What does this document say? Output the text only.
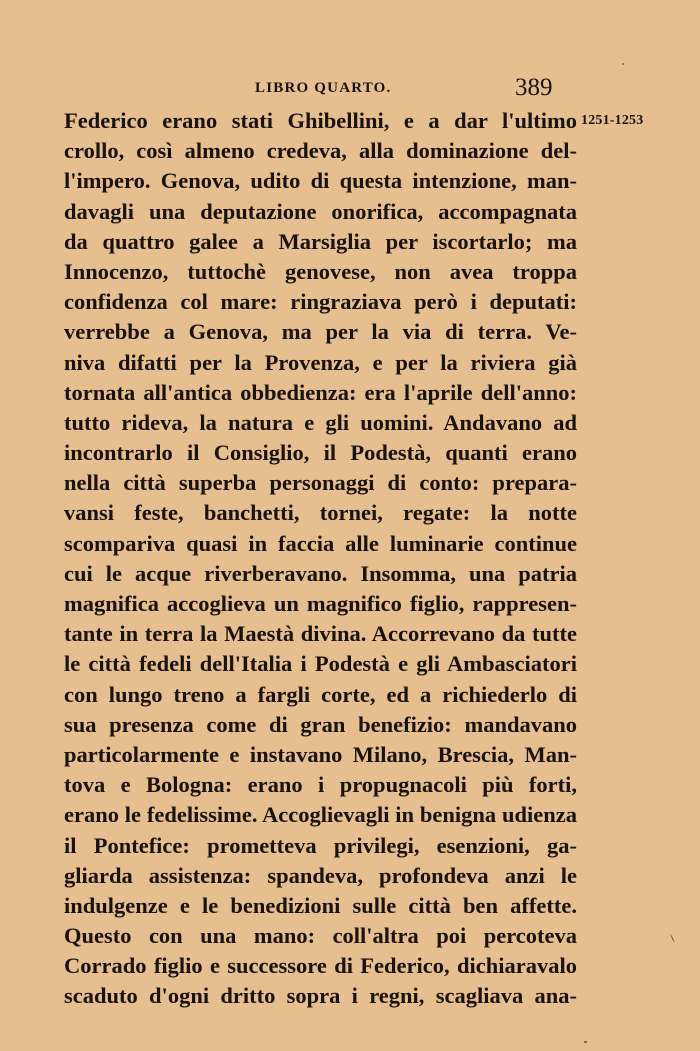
LIBRO QUARTO.	389
1251-1253
Federico erano stati Ghibellini, e a dar l'ultimo
crollo, così almeno credeva, alla dominazione del-
l'impero. Genova, udito di questa intenzione, man-
davagli una deputazione onorifica, accompagnata
da quattro galee a Marsiglia per iscortarlo; ma
Innocenzo, tuttochè genovese, non avea troppa
confidenza col mare: ringraziava però i deputati:
verrebbe a Genova, ma per la via di terra. Ve-
niva difatti per la Provenza, e per la riviera già
tornata all'antica obbedienza: era l'aprile dell'anno:
tutto rideva, la natura e gli uomini. Andavano ad
incontrarlo il Consiglio, il Podestà, quanti erano
nella città superba personaggi di conto: prepara-
vansi feste, banchetti, tornei, regate: la notte
scompariva quasi in faccia alle luminarie continue
cui le acque riverberavano. Insomma, una patria
magnifica accoglieva un magnifico figlio, rappresen-
tante in terra la Maestà divina. Accorrevano da tutte
le città fedeli dell'Italia i Podestà e gli Ambasciatori
con lungo treno a fargli corte, ed a richiederlo di
sua presenza come di gran benefizio: mandavano
particolarmente e instavano Milano, Brescia, Man-
tova e Bologna: erano i propugnacoli più forti,
erano le fedelissime. Accoglievagli in benigna udienza
il Pontefice: prometteva privilegi, esenzioni, ga-
gliarda assistenza: spandeva, profondeva anzi le
indulgenze e le benedizioni sulle città ben affette.
Questo con una mano: coll'altra poi percoteva
Corrado figlio e successore di Federico, dichiaravalo
scaduto d'ogni dritto sopra i regni, scagliava ana-
